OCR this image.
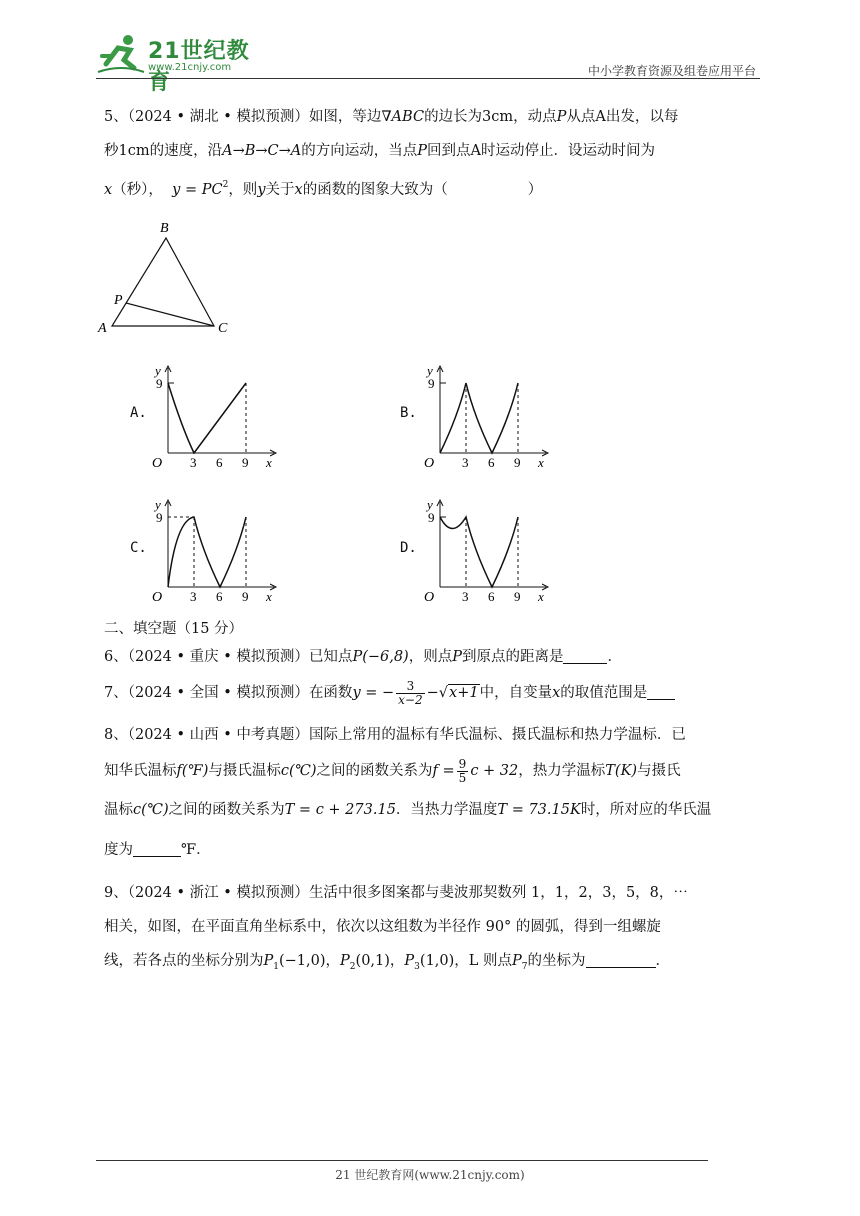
21世纪教育
www.21cnjy.com	中小学教育资源及组卷应用平台
5、（2024 • 湖北 • 模拟预测）如图，等边∇ABC的边长为3cm，动点P从点A出发，以每
秒1cm的速度，沿A→B→C→A的方向运动，当点P回到点A时运动停止．设运动时间为
x（秒）， $y = PC^2$，则y关于x的函数的图象大致为（	）
B
A	C
P
A.
y
9
O 3 6 9 x
B.
y
9
O 3 6 9 x
C.
y
9
O 3 6 9 x
D.
y
9
O 3 6 9 x
二、填空题（15 分）
6、（2024 • 重庆 • 模拟预测）已知点P(−6,8)，则点P到原点的距离是	．
7、（2024 • 全国 • 模拟预测）在函数y = − $\frac{3}{x-2} -√x+1$中，自变量x的取值范围是
8、（2024 • 山西 • 中考真题）国际上常用的温标有华氏温标、摄氏温标和热力学温标．已
知华氏温标f(℉)与摄氏温标c(℃)之间的函数关系为$f = \frac{9}{5}$ c + 32，热力学温标T(K)与摄氏
温标c(℃)之间的函数关系为T = c + 273.15．当热力学温度T = 73.15K时，所对应的华氏温
度为	℉．
9、（2024 • 浙江 • 模拟预测）生活中很多图案都与斐波那契数列 1，1，2，3，5，8，⋯
相关，如图，在平面直角坐标系中，依次以这组数为半径作 90° 的圆弧，得到一组螺旋
线，若各点的坐标分别为$P_1(-1,0)$，$P_2(0,1)$，$P_3(1,0)$，L 则点$P_7$的坐标为	．
21 世纪教育网(www.21cnjy.com)
